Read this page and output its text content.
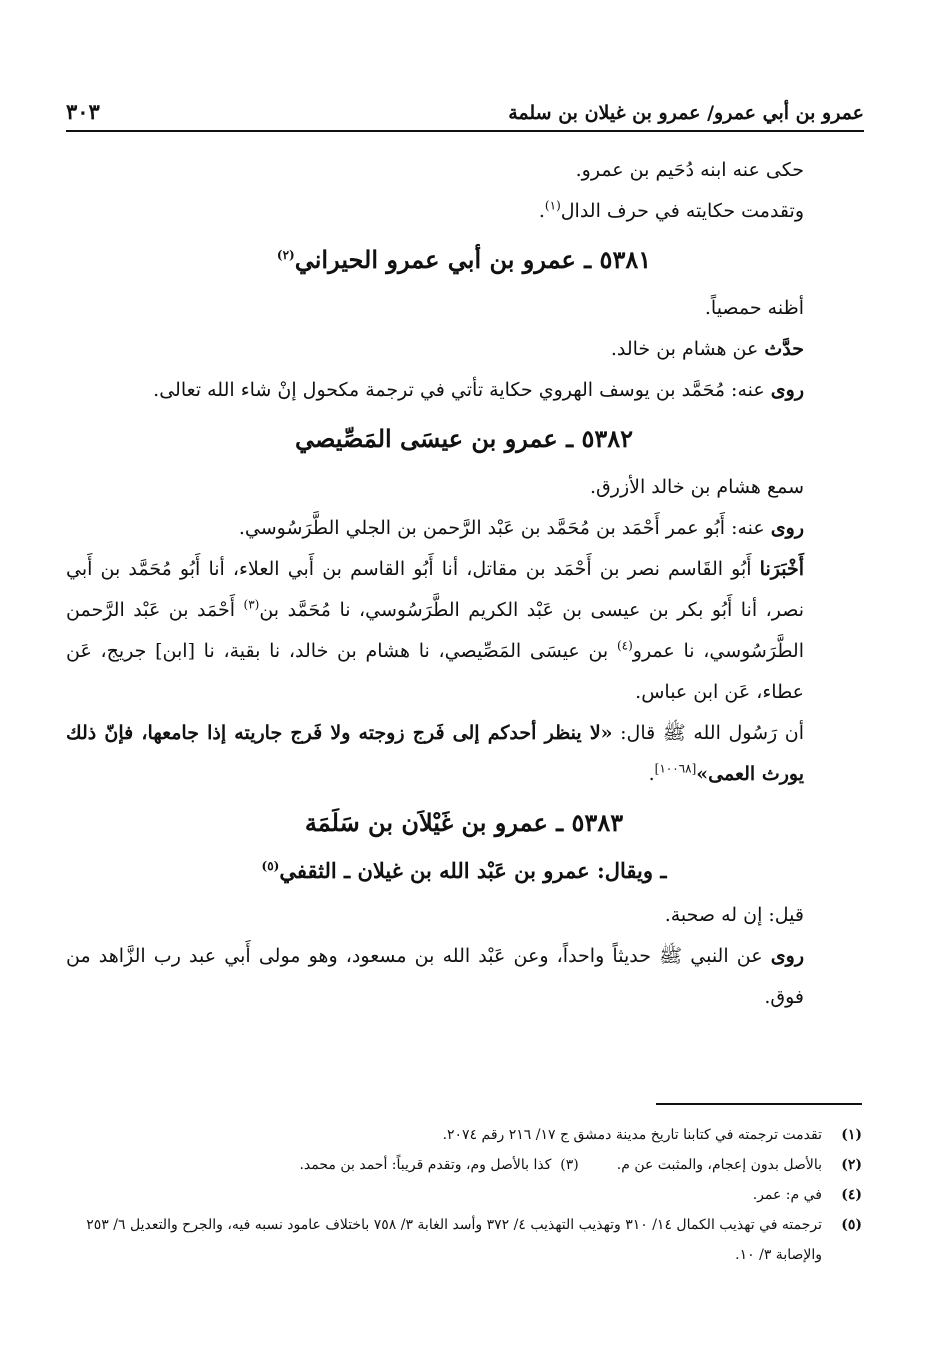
عمرو بن أبي عمرو/ عمرو بن غيلان بن سلمة
٣٠٣

حكى عنه ابنه دُحَيم بن عمرو.

وتقدمت حكايته في حرف الدال$^{(١)}$.

٥٣٨١ ـ عمرو بن أبي عمرو الحيراني$^{(٢)}$

أظنه حمصياً.

حدَّث عن هشام بن خالد.

روى عنه: مُحَمَّد بن يوسف الهروي حكاية تأتي في ترجمة مكحول إنْ شاء الله تعالى.

٥٣٨٢ ـ عمرو بن عيسَى المَصِّيصي

سمع هشام بن خالد الأزرق.

روى عنه: أَبُو عمر أَحْمَد بن مُحَمَّد بن عَبْد الرَّحمن بن الجلي الطَّرَسُوسي.

أَخْبَرَنا أَبُو القَاسم نصر بن أَحْمَد بن مقاتل، أنا أَبُو القاسم بن أَبي العلاء، أنا أَبُو مُحَمَّد بن أَبي نصر، أنا أَبُو بكر بن عيسى بن عَبْد الكريم الطَّرَسُوسي، نا مُحَمَّد بن$^{(٣)}$ أَحْمَد بن عَبْد الرَّحمن الطَّرَسُوسي، نا عمرو$^{(٤)}$ بن عيسَى المَصِّيصي، نا هشام بن خالد، نا بقية، نا [ابن] جريج، عَن عطاء، عَن ابن عباس.

أن رَسُول الله ﷺ قال: «لا ينظر أحدكم إلى فَرج زوجته ولا فَرج جاريته إذا جامعها، فإنّ ذلك يورث العمى»[١٠٠٦٨].

٥٣٨٣ ـ عمرو بن غَيْلاَن بن سَلَمَة
ـ ويقال: عمرو بن عَبْد الله بن غيلان ـ الثقفي$^{(٥)}$

قيل: إن له صحبة.

روى عن النبي ﷺ حديثاً واحداً، وعن عَبْد الله بن مسعود، وهو مولى أَبي عبد رب الزَّاهد من فوق.

(١)
تقدمت ترجمته في كتابنا تاريخ مدينة دمشق ج ١٧/ ٢١٦ رقم ٢٠٧٤.
(٢)
بالأصل بدون إعجام، والمثبت عن م.(٣)  كذا بالأصل وم، وتقدم قريباً: أحمد بن محمد.
(٤)
في م: عمر.
(٥)
ترجمته في تهذيب الكمال ١٤/ ٣١٠ وتهذيب التهذيب ٤/ ٣٧٢ وأسد الغابة ٣/ ٧٥٨ باختلاف عامود نسبه فيه، والجرح والتعديل ٦/ ٢٥٣ والإصابة ٣/ ١٠.
